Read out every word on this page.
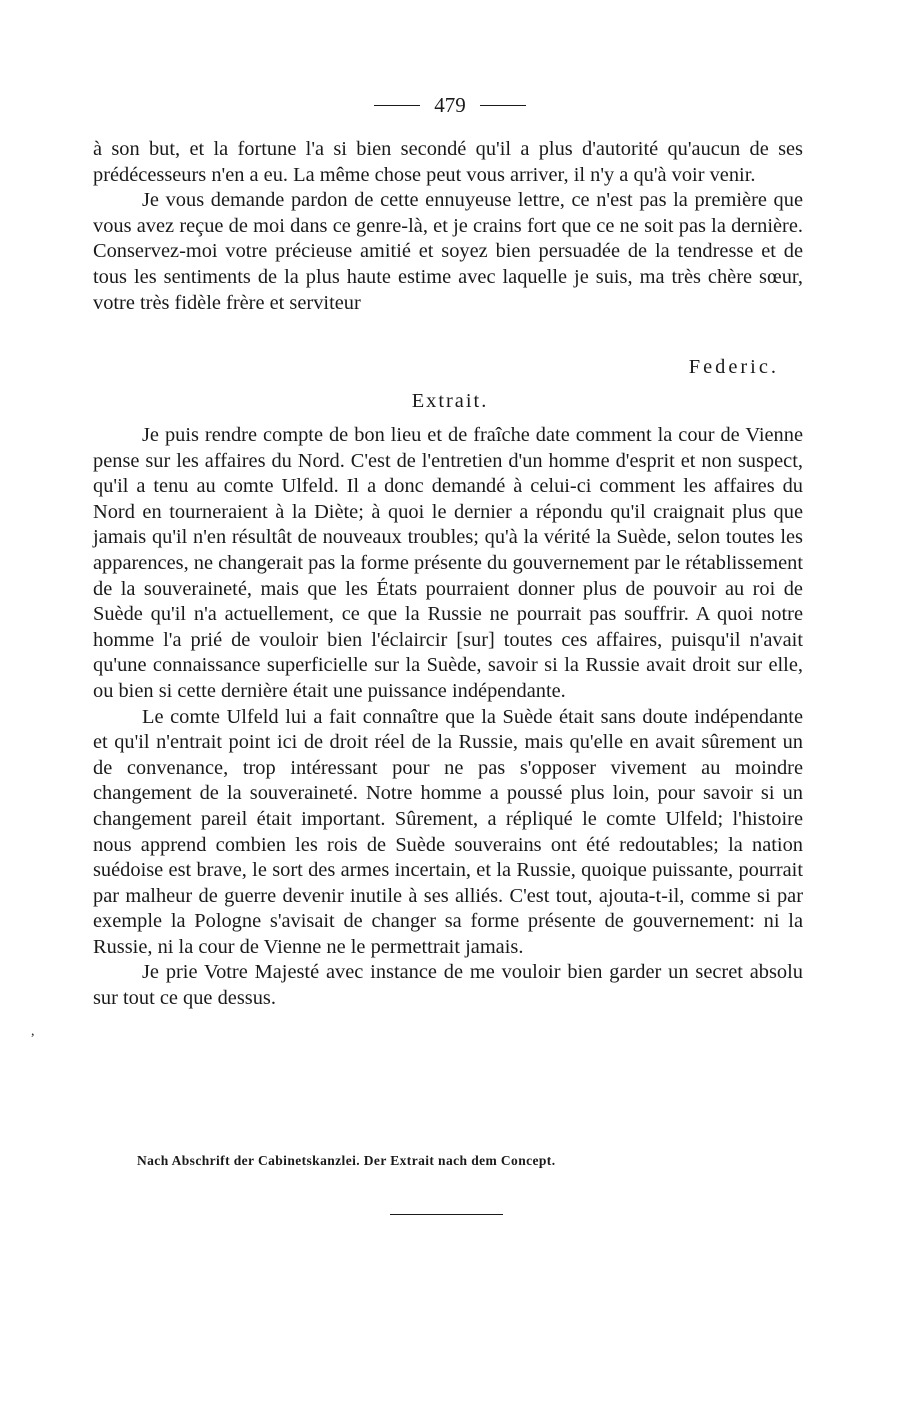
479

à son but, et la fortune l'a si bien secondé qu'il a plus d'autorité qu'aucun de ses prédécesseurs n'en a eu. La même chose peut vous arriver, il n'y a qu'à voir venir.

Je vous demande pardon de cette ennuyeuse lettre, ce n'est pas la première que vous avez reçue de moi dans ce genre-là, et je crains fort que ce ne soit pas la dernière. Conservez-moi votre précieuse amitié et soyez bien persuadée de la tendresse et de tous les sentiments de la plus haute estime avec laquelle je suis, ma très chère sœur, votre très fidèle frère et serviteur

Federic.
Extrait.

Je puis rendre compte de bon lieu et de fraîche date comment la cour de Vienne pense sur les affaires du Nord. C'est de l'entretien d'un homme d'esprit et non suspect, qu'il a tenu au comte Ulfeld. Il a donc demandé à celui-ci comment les affaires du Nord en tourneraient à la Diète; à quoi le dernier a répondu qu'il craignait plus que jamais qu'il n'en résultât de nouveaux troubles; qu'à la vérité la Suède, selon toutes les apparences, ne changerait pas la forme présente du gouvernement par le rétablissement de la souveraineté, mais que les États pourraient donner plus de pouvoir au roi de Suède qu'il n'a actuellement, ce que la Russie ne pourrait pas souffrir. A quoi notre homme l'a prié de vouloir bien l'éclaircir [sur] toutes ces affaires, puisqu'il n'avait qu'une connaissance superficielle sur la Suède, savoir si la Russie avait droit sur elle, ou bien si cette dernière était une puissance indépendante.

Le comte Ulfeld lui a fait connaître que la Suède était sans doute indépendante et qu'il n'entrait point ici de droit réel de la Russie, mais qu'elle en avait sûrement un de convenance, trop intéressant pour ne pas s'opposer vivement au moindre changement de la souveraineté. Notre homme a poussé plus loin, pour savoir si un changement pareil était important. Sûrement, a répliqué le comte Ulfeld; l'histoire nous apprend combien les rois de Suède souverains ont été redoutables; la nation suédoise est brave, le sort des armes incertain, et la Russie, quoique puissante, pourrait par malheur de guerre devenir inutile à ses alliés. C'est tout, ajouta-t-il, comme si par exemple la Pologne s'avisait de changer sa forme présente de gouvernement: ni la Russie, ni la cour de Vienne ne le permettrait jamais.

Je prie Votre Majesté avec instance de me vouloir bien garder un secret absolu sur tout ce que dessus.

Nach Abschrift der Cabinetskanzlei. Der Extrait nach dem Concept.
,
